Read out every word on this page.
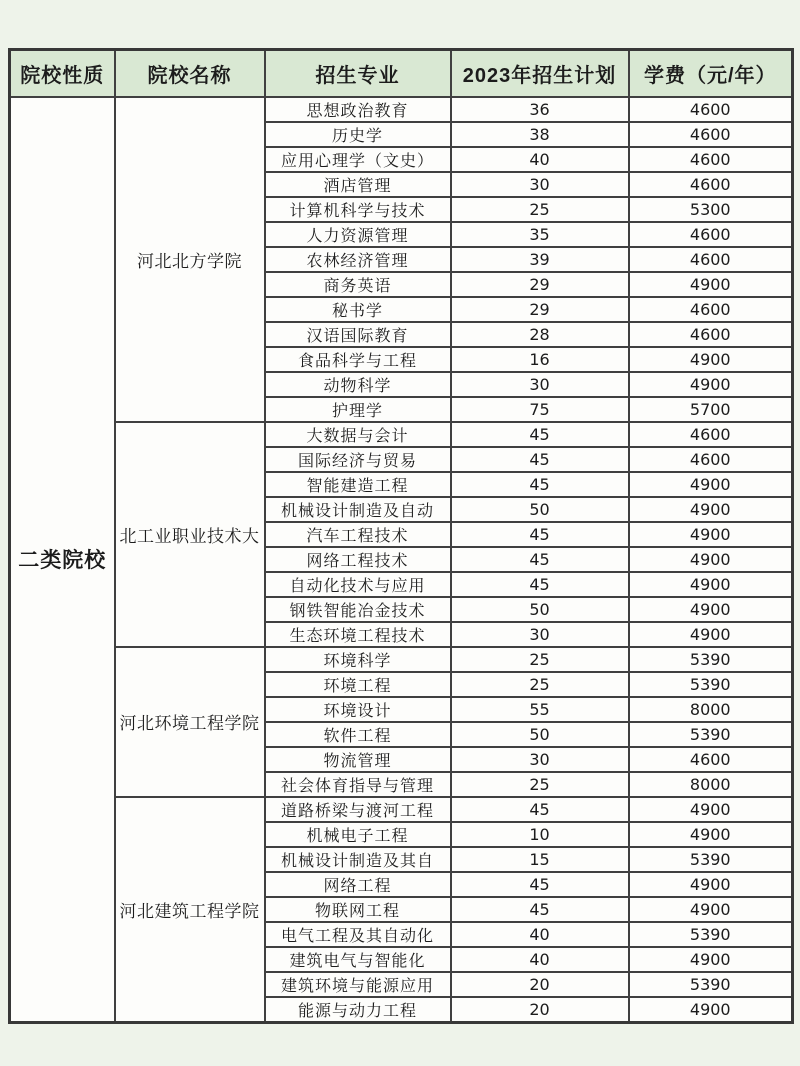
院校性质	院校名称	招生专业	2023年招生计划	学费（元/年）
二类院校	河北北方学院	思想政治教育	36	4600
		历史学	38	4600
		应用心理学（文史）	40	4600
		酒店管理	30	4600
		计算机科学与技术	25	5300
		人力资源管理	35	4600
		农林经济管理	39	4600
		商务英语	29	4900
		秘书学	29	4600
		汉语国际教育	28	4600
		食品科学与工程	16	4900
		动物科学	30	4900
		护理学	75	5700
	北工业职业技术大	大数据与会计	45	4600
		国际经济与贸易	45	4600
		智能建造工程	45	4900
		机械设计制造及自动	50	4900
		汽车工程技术	45	4900
		网络工程技术	45	4900
		自动化技术与应用	45	4900
		钢铁智能冶金技术	50	4900
		生态环境工程技术	30	4900
	河北环境工程学院	环境科学	25	5390
		环境工程	25	5390
		环境设计	55	8000
		软件工程	50	5390
		物流管理	30	4600
		社会体育指导与管理	25	8000
	河北建筑工程学院	道路桥梁与渡河工程	45	4900
		机械电子工程	10	4900
		机械设计制造及其自	15	5390
		网络工程	45	4900
		物联网工程	45	4900
		电气工程及其自动化	40	5390
		建筑电气与智能化	40	4900
		建筑环境与能源应用	20	5390
		能源与动力工程	20	4900
